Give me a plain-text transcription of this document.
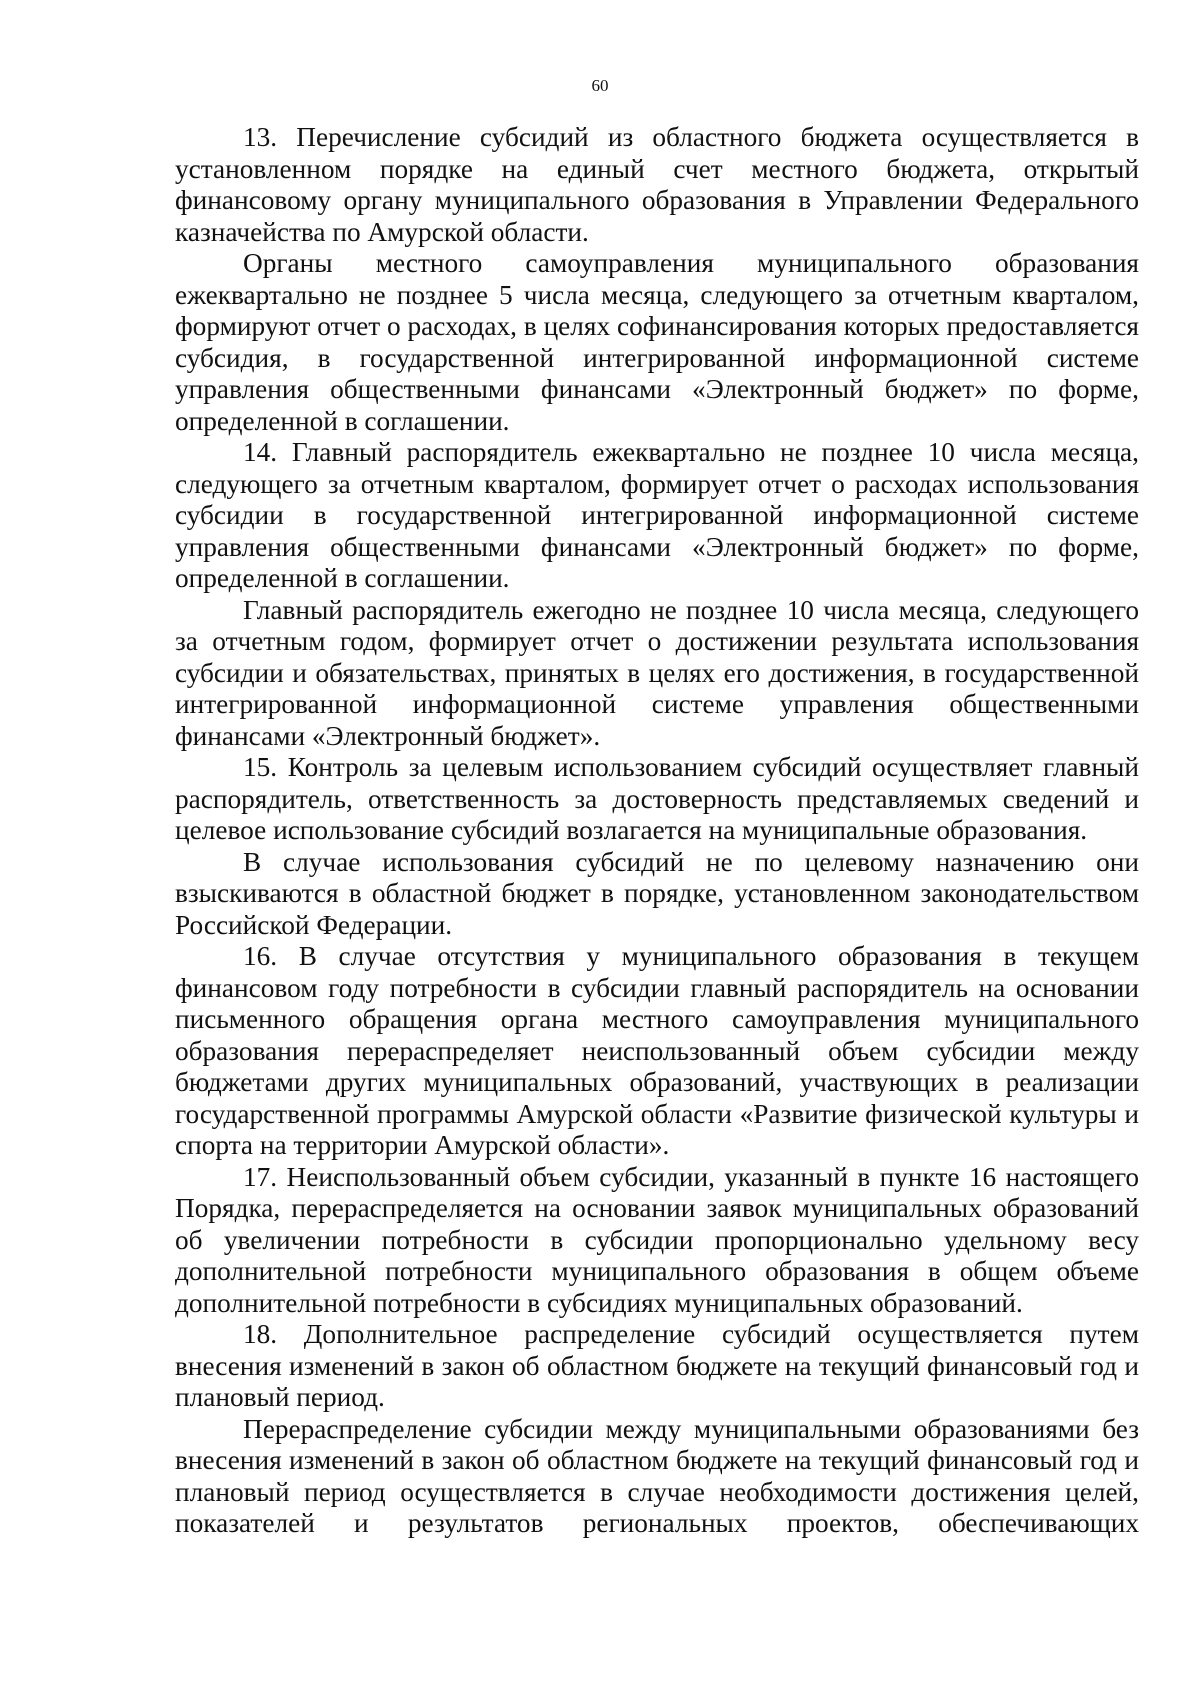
60

13. Перечисление субсидий из областного бюджета осуществляется в установленном порядке на единый счет местного бюджета, открытый финансовому органу муниципального образования в Управлении Федерального казначейства по Амурской области.

Органы местного самоуправления муниципального образования ежеквартально не позднее 5 числа месяца, следующего за отчетным кварталом, формируют отчет о расходах, в целях софинансирования которых предоставляется субсидия, в государственной интегрированной информационной системе управления общественными финансами «Электронный бюджет» по форме, определенной в соглашении.

14. Главный распорядитель ежеквартально не позднее 10 числа месяца, следующего за отчетным кварталом, формирует отчет о расходах использования субсидии в государственной интегрированной информационной системе управления общественными финансами «Электронный бюджет» по форме, определенной в соглашении.

Главный распорядитель ежегодно не позднее 10 числа месяца, следующего за отчетным годом, формирует отчет о достижении результата использования субсидии и обязательствах, принятых в целях его достижения, в государственной интегрированной информационной системе управления общественными финансами «Электронный бюджет».

15. Контроль за целевым использованием субсидий осуществляет главный распорядитель, ответственность за достоверность представляемых сведений и целевое использование субсидий возлагается на муниципальные образования.

В случае использования субсидий не по целевому назначению они взыскиваются в областной бюджет в порядке, установленном законодательством Российской Федерации.

16. В случае отсутствия у муниципального образования в текущем финансовом году потребности в субсидии главный распорядитель на основании письменного обращения органа местного самоуправления муниципального образования перераспределяет неиспользованный объем субсидии между бюджетами других муниципальных образований, участвующих в реализации государственной программы Амурской области «Развитие физической культуры и спорта на территории Амурской области».

17. Неиспользованный объем субсидии, указанный в пункте 16 настоящего Порядка, перераспределяется на основании заявок муниципальных образований об увеличении потребности в субсидии пропорционально удельному весу дополнительной потребности муниципального образования в общем объеме дополнительной потребности в субсидиях муниципальных образований.

18. Дополнительное распределение субсидий осуществляется путем внесения изменений в закон об областном бюджете на текущий финансовый год и плановый период.

Перераспределение субсидии между муниципальными образованиями без внесения изменений в закон об областном бюджете на текущий финансовый год и плановый период осуществляется в случае необходимости достижения целей, показателей и результатов региональных проектов, обеспечивающих
